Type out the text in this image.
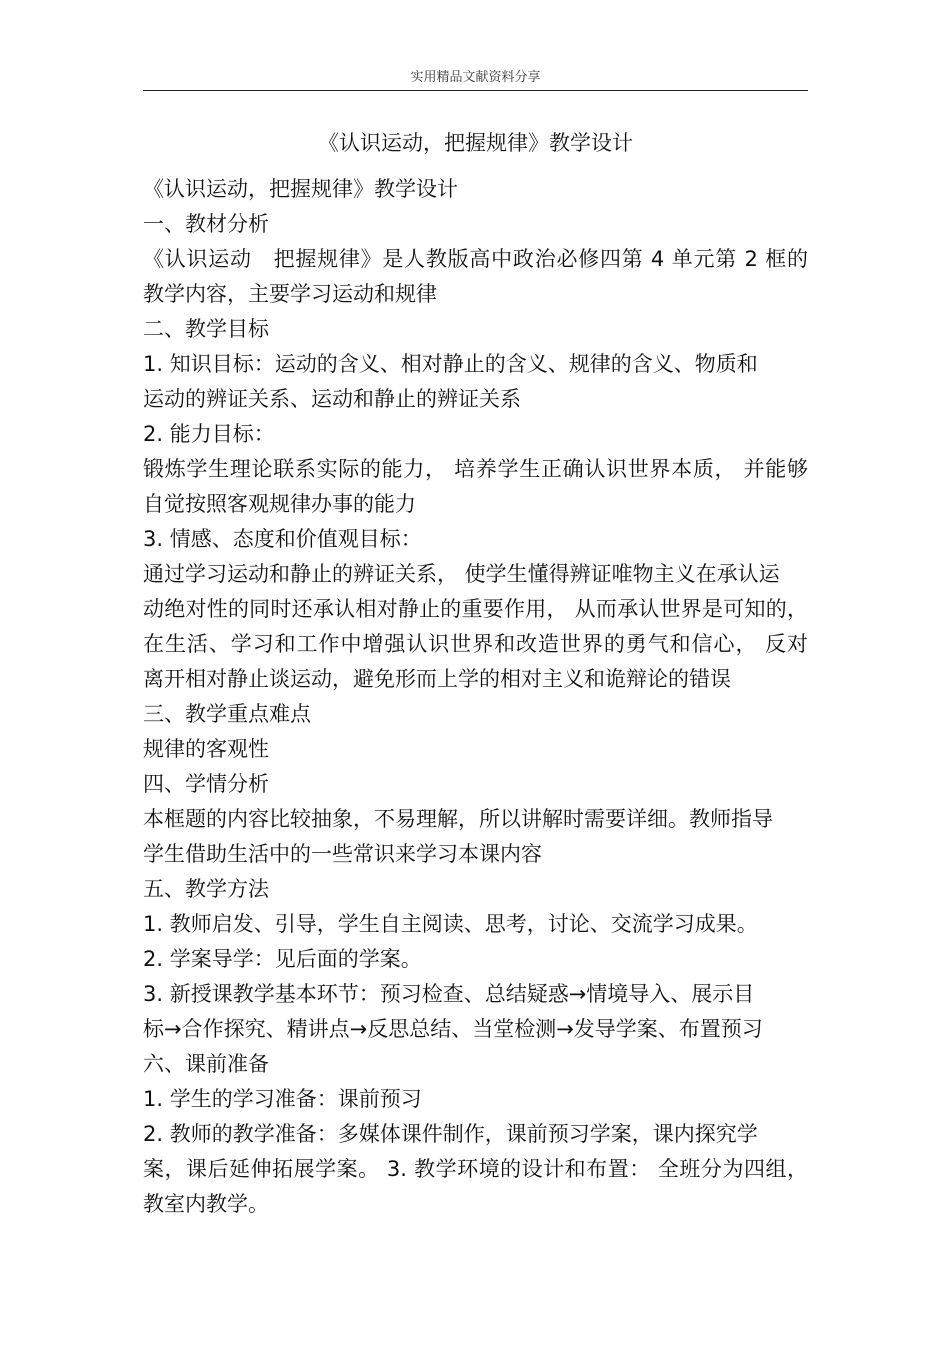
实用精品文献资料分享
《认识运动，把握规律》教学设计
《认识运动，把握规律》教学设计
一、教材分析
《认识运动　把握规律》是人教版高中政治必修四第 4 单元第 2 框的
教学内容，主要学习运动和规律
二、教学目标
1. 知识目标：运动的含义、相对静止的含义、规律的含义、物质和
运动的辨证关系、运动和静止的辨证关系
2. 能力目标：
锻炼学生理论联系实际的能力， 培养学生正确认识世界本质， 并能够
自觉按照客观规律办事的能力
3. 情感、态度和价值观目标：
通过学习运动和静止的辨证关系， 使学生懂得辨证唯物主义在承认运
动绝对性的同时还承认相对静止的重要作用， 从而承认世界是可知的，
在生活、学习和工作中增强认识世界和改造世界的勇气和信心， 反对
离开相对静止谈运动，避免形而上学的相对主义和诡辩论的错误
三、教学重点难点
规律的客观性
四、学情分析
本框题的内容比较抽象，不易理解，所以讲解时需要详细。教师指导
学生借助生活中的一些常识来学习本课内容
五、教学方法
1. 教师启发、引导，学生自主阅读、思考，讨论、交流学习成果。
2. 学案导学：见后面的学案。
3. 新授课教学基本环节：预习检查、总结疑惑→情境导入、展示目
标→合作探究、精讲点→反思总结、当堂检测→发导学案、布置预习
六、课前准备
1. 学生的学习准备：课前预习
2. 教师的教学准备：多媒体课件制作，课前预习学案，课内探究学
案，课后延伸拓展学案。 3. 教学环境的设计和布置： 全班分为四组，
教室内教学。
